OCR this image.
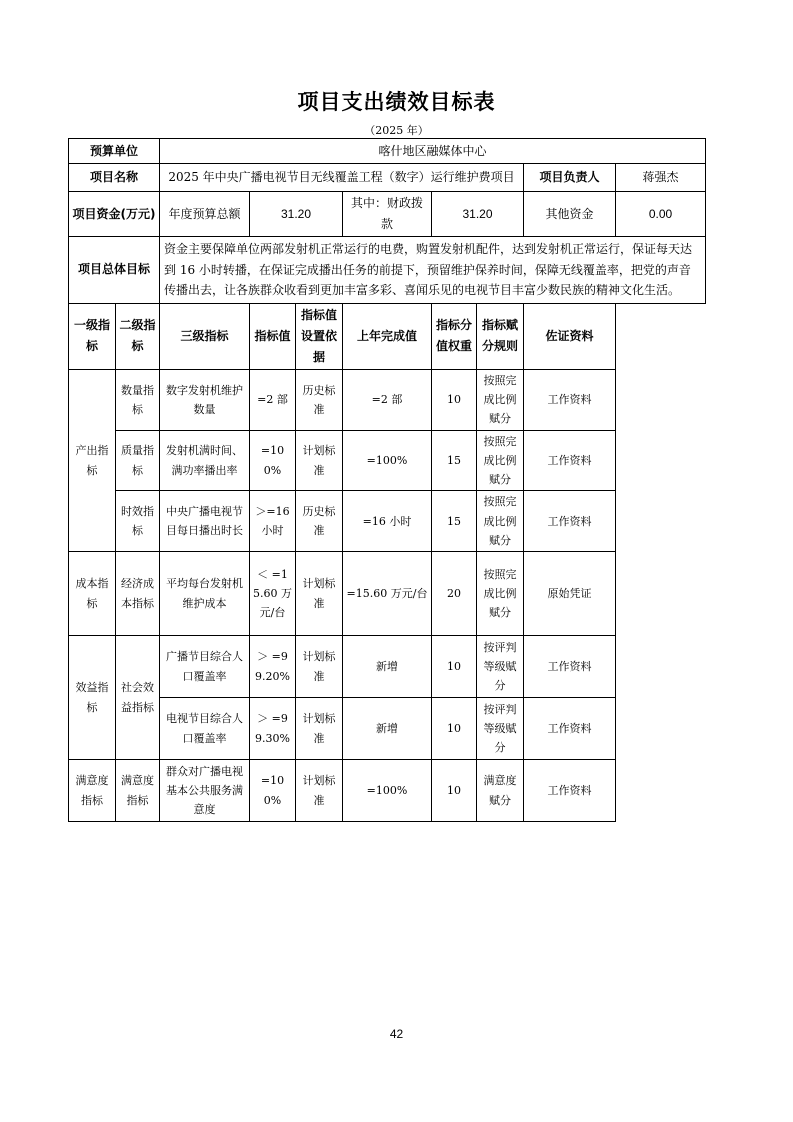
项目支出绩效目标表
（2025 年）
预算单位		喀什地区融媒体中心							
项目名称		2025 年中央广播电视节目无线覆盖工程（数字）运行维护费项目						项目负责人	蒋强杰
项目资金(万元)		年度预算总额	31.20		其中：财政拨款	31.20		其他资金	0.00
项目总体目标		资金主要保障单位两部发射机正常运行的电费，购置发射机配件，达到发射机正常运行，保证每天达到 16 小时转播，在保证完成播出任务的前提下，预留维护保养时间，保障无线覆盖率，把党的声音传播出去，让各族群众收看到更加丰富多彩、喜闻乐见的电视节目丰富少数民族的精神文化生活。							
一级指标	二级指标	三级指标	指标值	指标值设置依据	上年完成值	指标分值权重	指标赋分规则	佐证资料
产出指标	数量指标	数字发射机维护数量	=2 部	历史标准	=2 部	10	按照完成比例赋分	工作资料
	质量指标	发射机满时间、满功率播出率	=100%	计划标准	=100%	15	按照完成比例赋分	工作资料
	时效指标	中央广播电视节目每日播出时长	＞=16 小时	历史标准	=16 小时	15	按照完成比例赋分	工作资料
成本指标	经济成本指标	平均每台发射机维护成本	＜ =15.60 万元/台	计划标准	=15.60 万元/台	20	按照完成比例赋分	原始凭证
效益指标	社会效益指标	广播节目综合人口覆盖率	＞ =99.20%	计划标准	新增	10	按评判等级赋分	工作资料
		电视节目综合人口覆盖率	＞ =99.30%	计划标准	新增	10	按评判等级赋分	工作资料
满意度指标	满意度指标	群众对广播电视基本公共服务满意度	=100%	计划标准	=100%	10	满意度赋分	工作资料
42
